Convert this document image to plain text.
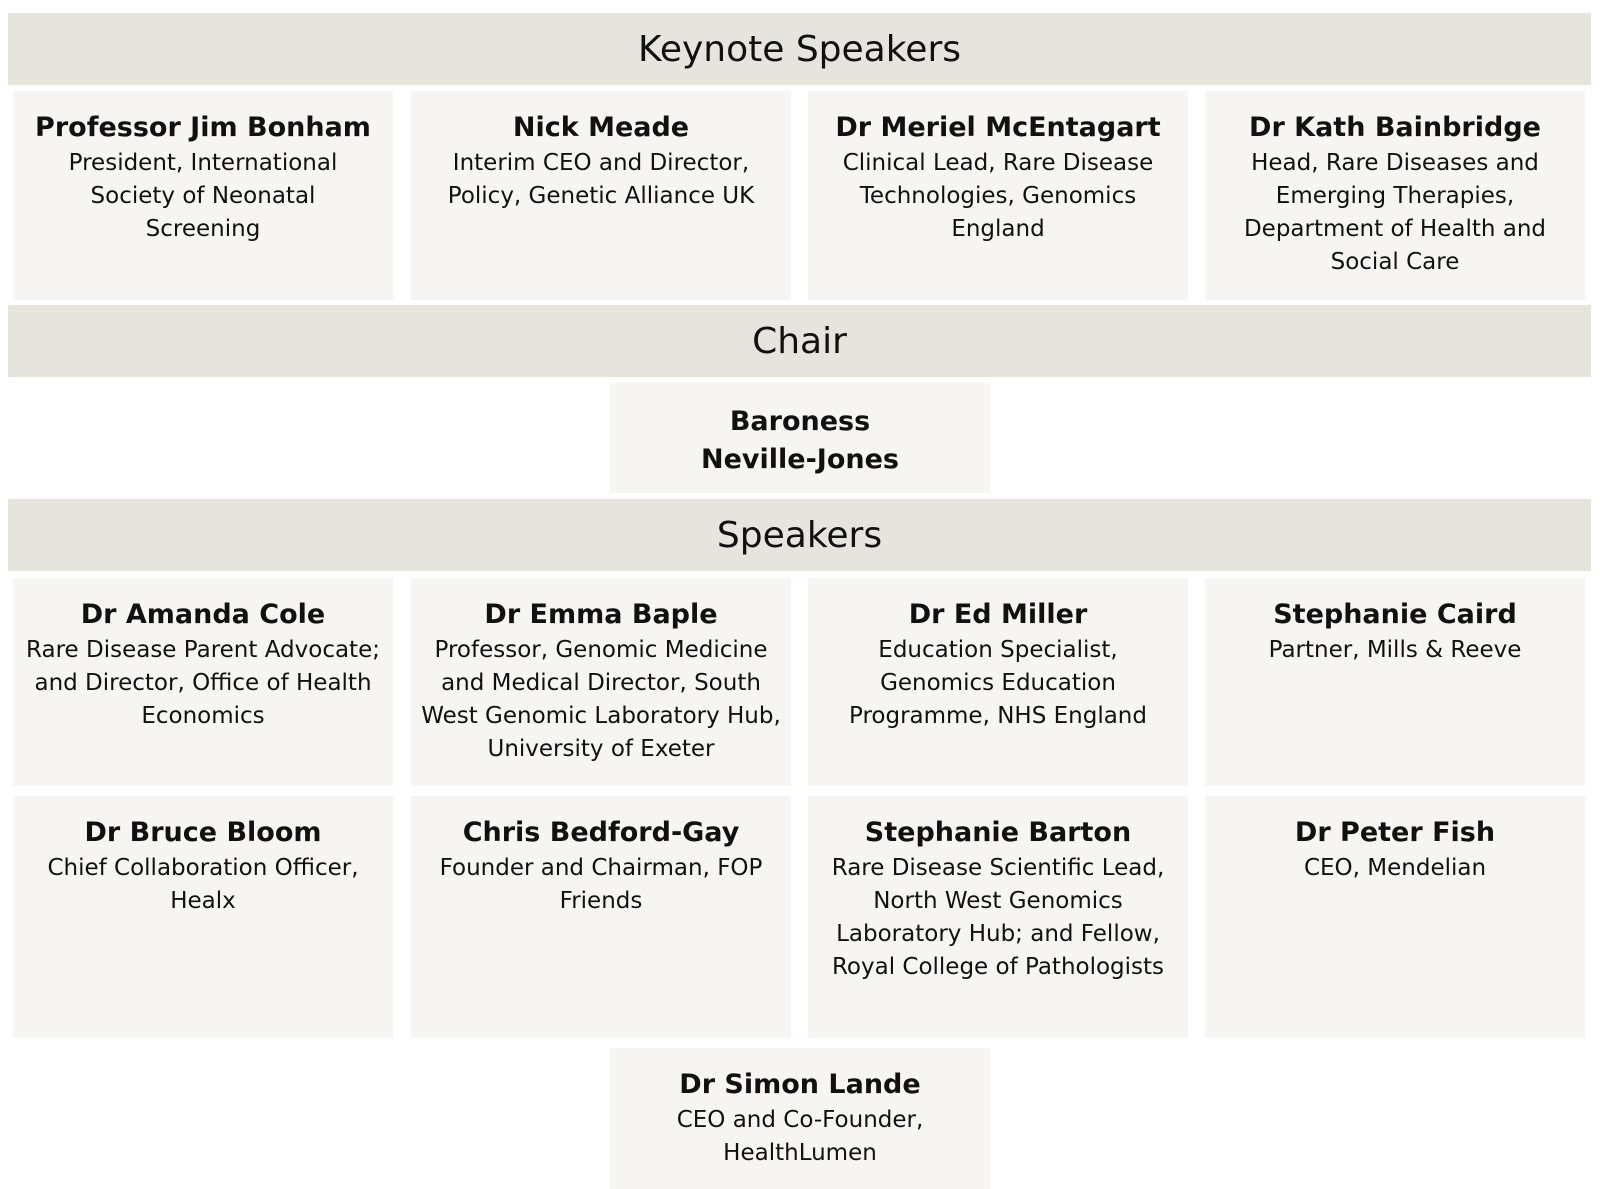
Keynote Speakers
Professor Jim Bonham
President, International Society of Neonatal Screening
Nick Meade
Interim CEO and Director, Policy, Genetic Alliance UK
Dr Meriel McEntagart
Clinical Lead, Rare Disease Technologies, Genomics England
Dr Kath Bainbridge
Head, Rare Diseases and Emerging Therapies, Department of Health and Social Care
Chair
Baroness Neville-Jones
Speakers
Dr Amanda Cole
Rare Disease Parent Advocate; and Director, Office of Health Economics
Dr Emma Baple
Professor, Genomic Medicine and Medical Director, South West Genomic Laboratory Hub, University of Exeter
Dr Ed Miller
Education Specialist, Genomics Education Programme, NHS England
Stephanie Caird
Partner, Mills & Reeve
Dr Bruce Bloom
Chief Collaboration Officer, Healx
Chris Bedford-Gay
Founder and Chairman, FOP Friends
Stephanie Barton
Rare Disease Scientific Lead, North West Genomics Laboratory Hub; and Fellow, Royal College of Pathologists
Dr Peter Fish
CEO, Mendelian
Dr Simon Lande
CEO and Co-Founder, HealthLumen
